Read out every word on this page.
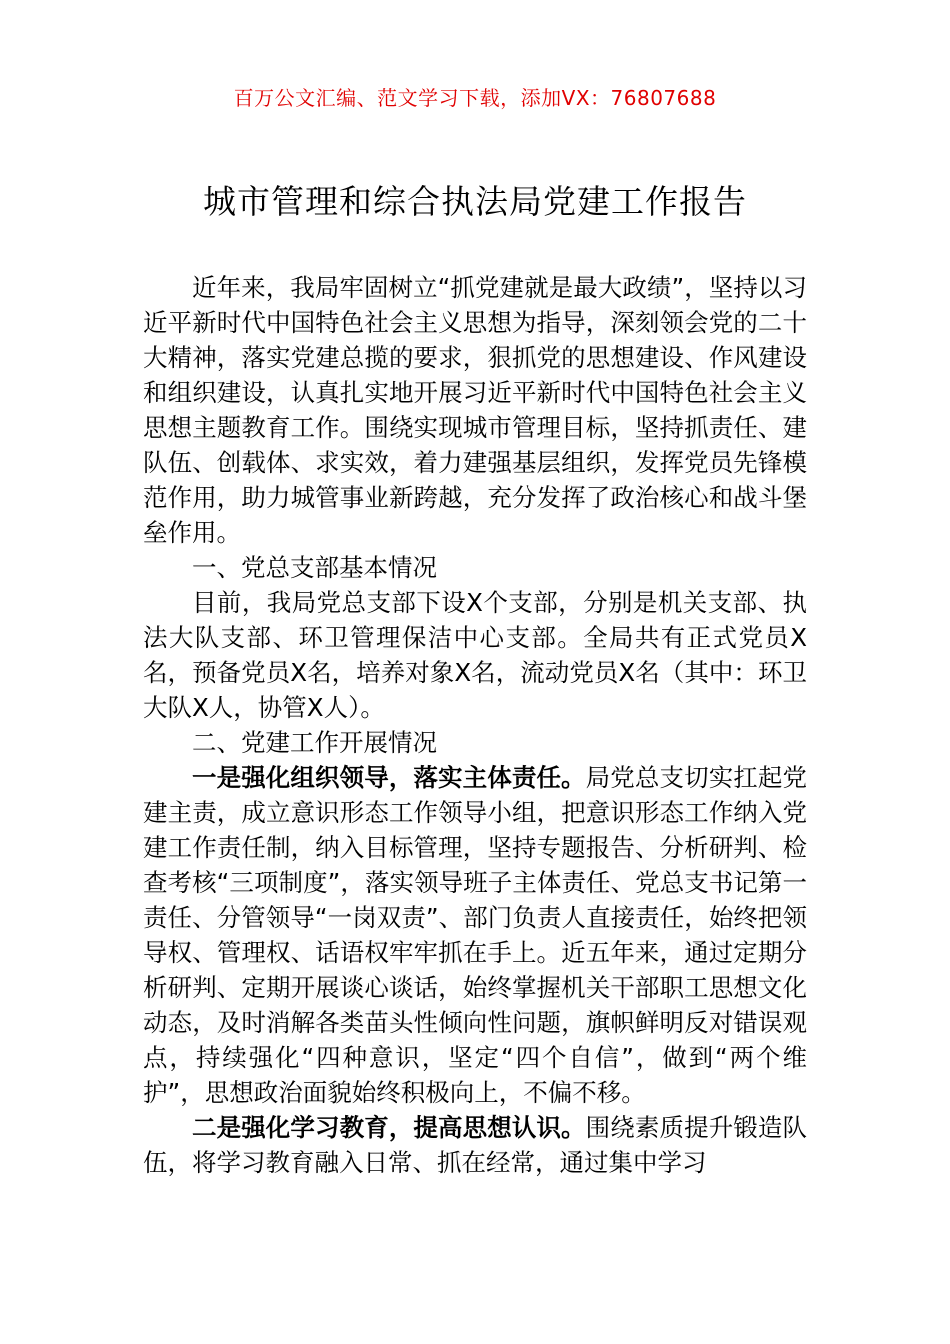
百万公文汇编、范文学习下载，添加VX：76807688
城市管理和综合执法局党建工作报告

近年来，我局牢固树立“抓党建就是最大政绩”，坚持以习近平新时代中国特色社会主义思想为指导，深刻领会党的二十大精神，落实党建总揽的要求，狠抓党的思想建设、作风建设和组织建设，认真扎实地开展习近平新时代中国特色社会主义思想主题教育工作。围绕实现城市管理目标，坚持抓责任、建队伍、创载体、求实效，着力建强基层组织，发挥党员先锋模范作用，助力城管事业新跨越，充分发挥了政治核心和战斗堡垒作用。

一、党总支部基本情况

目前，我局党总支部下设X个支部，分别是机关支部、执法大队支部、环卫管理保洁中心支部。全局共有正式党员X名，预备党员X名，培养对象X名，流动党员X名（其中：环卫大队X人，协管X人）。

二、党建工作开展情况

一是强化组织领导，落实主体责任。局党总支切实扛起党建主责，成立意识形态工作领导小组，把意识形态工作纳入党建工作责任制，纳入目标管理，坚持专题报告、分析研判、检查考核“三项制度”，落实领导班子主体责任、党总支书记第一责任、分管领导“一岗双责”、部门负责人直接责任，始终把领导权、管理权、话语权牢牢抓在手上。近五年来，通过定期分析研判、定期开展谈心谈话，始终掌握机关干部职工思想文化动态，及时消解各类苗头性倾向性问题，旗帜鲜明反对错误观点，持续强化“四种意识，坚定“四个自信”，做到“两个维护”，思想政治面貌始终积极向上，不偏不移。

二是强化学习教育，提高思想认识。围绕素质提升锻造队伍，将学习教育融入日常、抓在经常，通过集中学习
